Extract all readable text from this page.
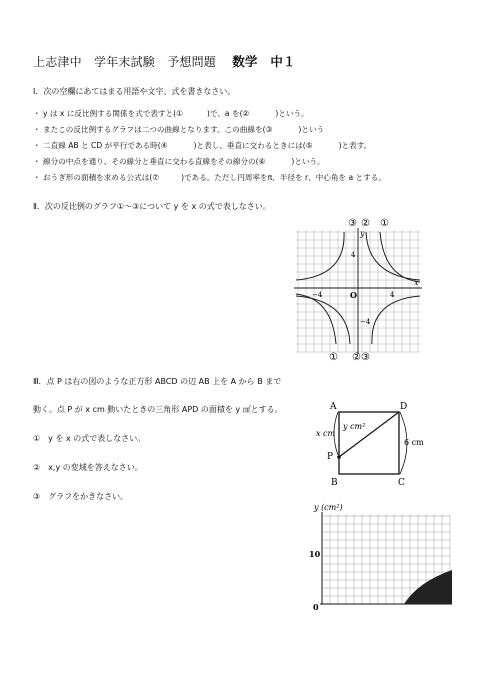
上志津中　学年末試験　予想問題　 数学　中１
Ⅰ．次の空欄にあてはまる用語や文字、式を書きなさい。
・ y は x に反比例する関係を式で表すと(①	)で、a を(②	)という。
・ またこの反比例するグラフは二つの曲線となります。この曲線を(③	)という
・ 二直線 AB と CD が平行である時(④	)と表し、垂直に交わるときには(⑤	)と表す。
・ 線分の中点を通り、その線分と垂直に交わる直線をその線分の(⑥	)という。
・ おうぎ形の面積を求める公式は(⑦	)である。ただし円周率をπ、半径を r、中心角を a とする。
Ⅱ．次の反比例のグラフ①～③について y を x の式で表しなさい。
③ ② ①
y
x
O
4
4
−4
−4
① ②③
Ⅲ．点 P は右の図のような正方形 ABCD の辺 AB 上を A から B まで
動く。点 P が x cm 動いたときの三角形 APD の面積を y ㎠とする。
①　y を x の式で表しなさい。
②　x,y の変域を答えなさい。
③　グラフをかきなさい。
A	D
B	C
P
x cm
y cm²
6 cm
y (cm²)
10
0
